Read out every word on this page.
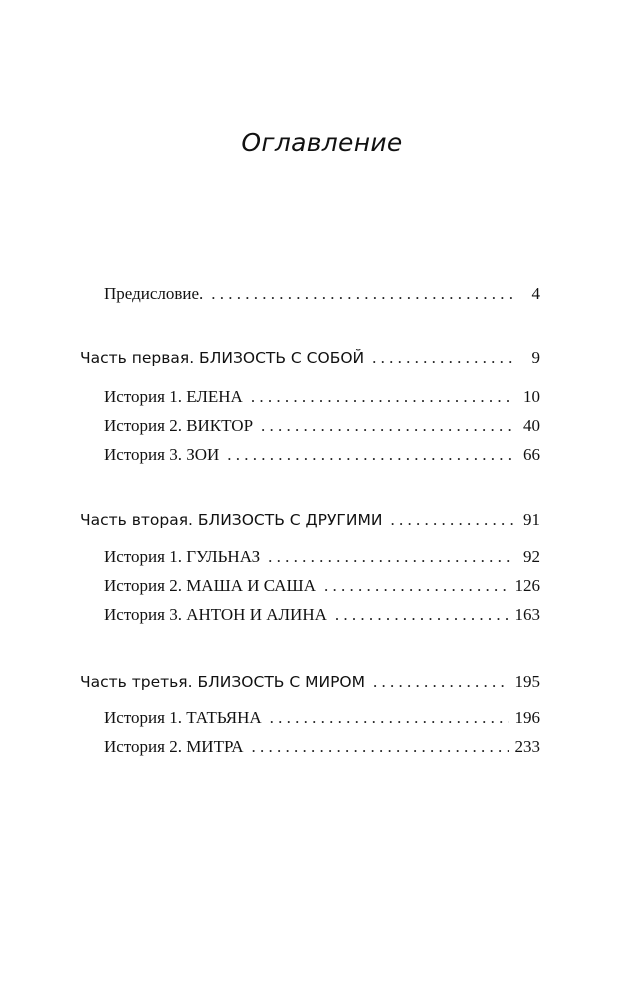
Оглавление
Предисловие. . . .	4
Часть первая. БЛИЗОСТЬ С СОБОЙ . . .	9
История 1. ЕЛЕНА . . .	10
История 2. ВИКТОР . . .	40
История 3. ЗОИ . . .	66
Часть вторая. БЛИЗОСТЬ С ДРУГИМИ . . .	91
История 1. ГУЛЬНАЗ . . .	92
История 2. МАША И САША . . .	126
История 3. АНТОН И АЛИНА . . .	163
Часть третья. БЛИЗОСТЬ С МИРОМ . . .	195
История 1. ТАТЬЯНА . . .	196
История 2. МИТРА . . .	233
